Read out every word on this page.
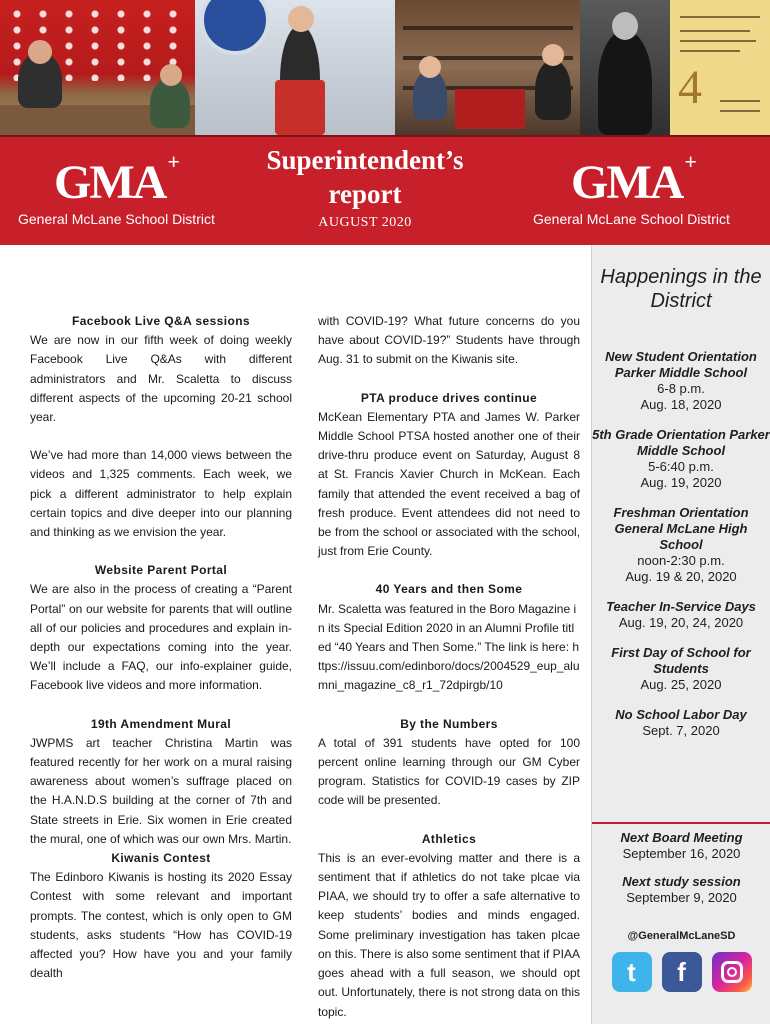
4
GMA+
General McLane School District
Superintendent’s
report
AUGUST 2020
GMA+
General McLane School District
Facebook Live Q&A sessions
We are now in our fifth week of doing weekly Facebook Live Q&As with different administrators and Mr. Scaletta to discuss different aspects of the upcoming 20-21 school year.
We’ve had more than 14,000 views between the videos and 1,325 comments. Each week, we pick a different administrator to help explain certain topics and dive deeper into our planning and thinking as we envision the year.
Website Parent Portal
We are also in the process of creating a “Parent Portal” on our website for parents that will outline all of our policies and procedures and explain in-depth our expectations coming into the year. We’ll include a FAQ, our info-explainer guide, Facebook live videos and more information.
19th Amendment Mural
JWPMS art teacher Christina Martin was featured recently for her work on a mural raising awareness about women’s suffrage placed on the H.A.N.D.S building at the corner of 7th and State streets in Erie. Six women in Erie created the mural, one of which was our own Mrs. Martin.
Kiwanis Contest
The Edinboro Kiwanis is hosting its 2020 Essay Contest with some relevant and important prompts. The contest, which is only open to GM students, asks students “How has COVID-19 affected you? How have you and your family dealth
with COVID-19? What future concerns do you have about COVID-19?” Students have through Aug. 31 to submit on the Kiwanis site.
PTA produce drives continue
McKean Elementary PTA and James W. Parker Middle School PTSA hosted another one of their drive-thru produce event on Saturday, August 8 at St. Francis Xavier Church in McKean. Each family that attended the event received a bag of fresh produce. Event attendees did not need to be from the school or associated with the school, just from Erie County.
40 Years and then Some
Mr. Scaletta was featured in the Boro Magazine in its Special Edition 2020 in an Alumni Profile titled “40 Years and Then Some.” The link is here: https://issuu.com/edinboro/docs/2004529_eup_alumni_magazine_c8_r1_72dpirgb/10
By the Numbers
A total of 391 students have opted for 100 percent online learning through our GM Cyber program. Statistics for COVID-19 cases by ZIP code will be presented.
Athletics
This is an ever-evolving matter and there is a sentiment that if athletics do not take plcae via PIAA, we should try to offer a safe alternative to keep students’ bodies and minds engaged. Some preliminary investigation has taken plcae on this. There is also some sentiment that if PIAA goes ahead with a full season, we should opt out. Unfortunately, there is not strong data on this topic.
Happenings in the District
New Student Orientation Parker Middle School
6-8 p.m.
Aug. 18, 2020
5th Grade Orientation Parker Middle School
5-6:40 p.m.
Aug. 19, 2020
Freshman Orientation General McLane High School
noon-2:30 p.m.
Aug. 19 & 20, 2020
Teacher In-Service Days
Aug. 19, 20, 24, 2020
First Day of School for Students
Aug. 25, 2020
No School Labor Day
Sept. 7, 2020
Next Board Meeting
September 16, 2020
Next study session
September 9, 2020
@GeneralMcLaneSD
t	f
